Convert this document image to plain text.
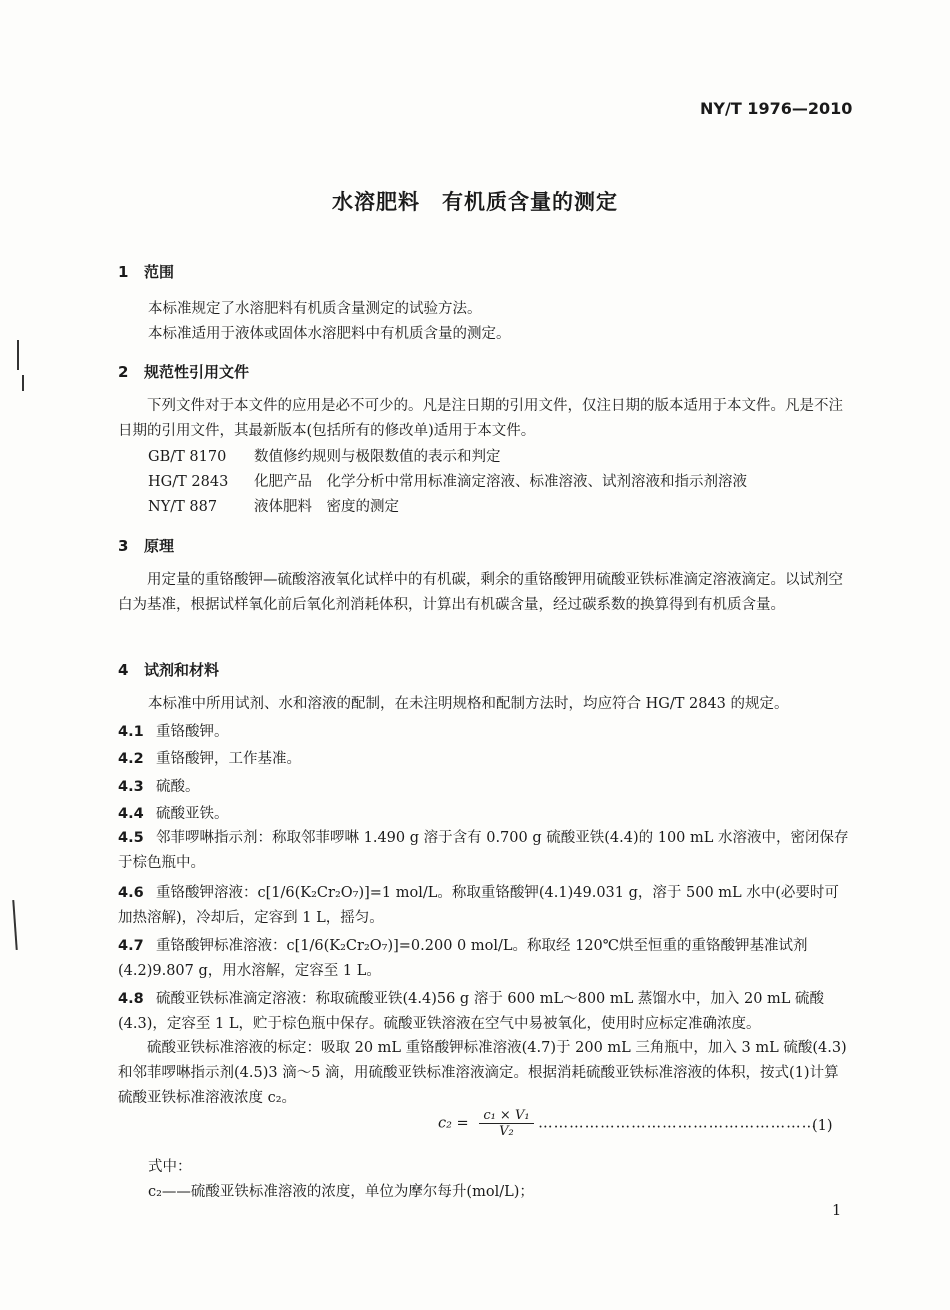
NY/T 1976—2010
水溶肥料　有机质含量的测定
1 范围
本标准规定了水溶肥料有机质含量测定的试验方法。
本标准适用于液体或固体水溶肥料中有机质含量的测定。
2 规范性引用文件
下列文件对于本文件的应用是必不可少的。凡是注日期的引用文件，仅注日期的版本适用于本文件。凡是不注日期的引用文件，其最新版本(包括所有的修改单)适用于本文件。
GB/T 8170 数值修约规则与极限数值的表示和判定
HG/T 2843 化肥产品　化学分析中常用标准滴定溶液、标准溶液、试剂溶液和指示剂溶液
NY/T 887	液体肥料　密度的测定
3 原理
用定量的重铬酸钾—硫酸溶液氧化试样中的有机碳，剩余的重铬酸钾用硫酸亚铁标准滴定溶液滴定。以试剂空白为基准，根据试样氧化前后氧化剂消耗体积，计算出有机碳含量，经过碳系数的换算得到有机质含量。
4 试剂和材料
本标准中所用试剂、水和溶液的配制，在未注明规格和配制方法时，均应符合 HG/T 2843 的规定。
4.1 重铬酸钾。
4.2 重铬酸钾，工作基准。
4.3 硫酸。
4.4 硫酸亚铁。
4.5 邻菲啰啉指示剂：称取邻菲啰啉 1.490 g 溶于含有 0.700 g 硫酸亚铁(4.4)的 100 mL 水溶液中，密闭保存于棕色瓶中。
4.6 重铬酸钾溶液：c[1/6(K₂Cr₂O₇)]=1 mol/L。称取重铬酸钾(4.1)49.031 g，溶于 500 mL 水中(必要时可加热溶解)，冷却后，定容到 1 L，摇匀。
4.7 重铬酸钾标准溶液：c[1/6(K₂Cr₂O₇)]=0.200 0 mol/L。称取经 120℃烘至恒重的重铬酸钾基准试剂(4.2)9.807 g，用水溶解，定容至 1 L。
4.8 硫酸亚铁标准滴定溶液：称取硫酸亚铁(4.4)56 g 溶于 600 mL～800 mL 蒸馏水中，加入 20 mL 硫酸(4.3)，定容至 1 L，贮于棕色瓶中保存。硫酸亚铁溶液在空气中易被氧化，使用时应标定准确浓度。
硫酸亚铁标准溶液的标定：吸取 20 mL 重铬酸钾标准溶液(4.7)于 200 mL 三角瓶中，加入 3 mL 硫酸(4.3)和邻菲啰啉指示剂(4.5)3 滴～5 滴，用硫酸亚铁标准溶液滴定。根据消耗硫酸亚铁标准溶液的体积，按式(1)计算硫酸亚铁标准溶液浓度 c₂。
$c_2 = \frac{\text{c₁ × V₁}}{\text{V₂}}$ ………………………………………………
(1)
式中：
c₂——硫酸亚铁标准溶液的浓度，单位为摩尔每升(mol/L)；
1
